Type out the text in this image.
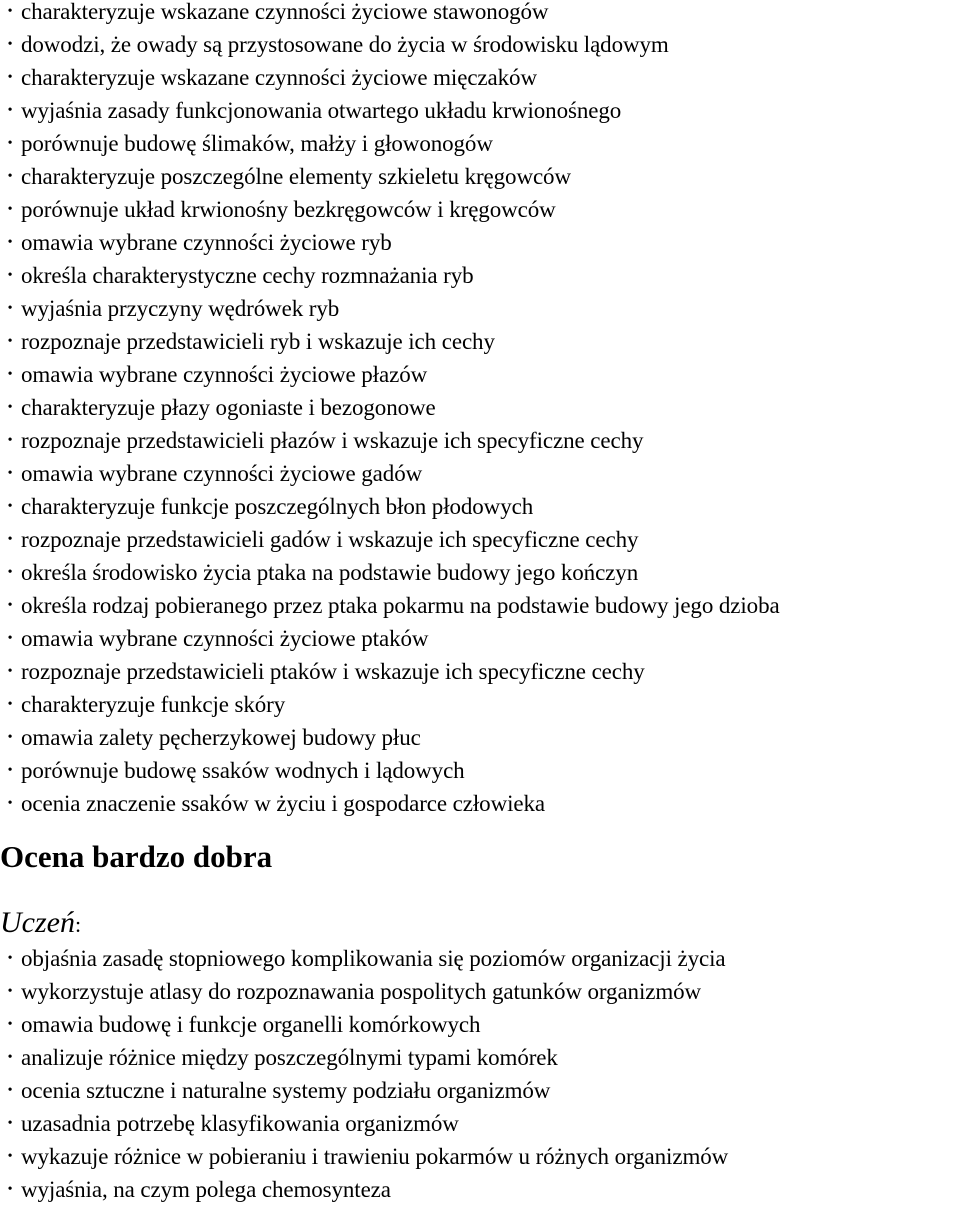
• charakteryzuje wskazane czynności życiowe stawonogów
• dowodzi, że owady są przystosowane do życia w środowisku lądowym
• charakteryzuje wskazane czynności życiowe mięczaków
• wyjaśnia zasady funkcjonowania otwartego układu krwionośnego
• porównuje budowę ślimaków, małży i głowonogów
• charakteryzuje poszczególne elementy szkieletu kręgowców
• porównuje układ krwionośny bezkręgowców i kręgowców
• omawia wybrane czynności życiowe ryb
• określa charakterystyczne cechy rozmnażania ryb
• wyjaśnia przyczyny wędrówek ryb
• rozpoznaje przedstawicieli ryb i wskazuje ich cechy
• omawia wybrane czynności życiowe płazów
• charakteryzuje płazy ogoniaste i bezogonowe
• rozpoznaje przedstawicieli płazów i wskazuje ich specyficzne cechy
• omawia wybrane czynności życiowe gadów
• charakteryzuje funkcje poszczególnych błon płodowych
• rozpoznaje przedstawicieli gadów i wskazuje ich specyficzne cechy
• określa środowisko życia ptaka na podstawie budowy jego kończyn
• określa rodzaj pobieranego przez ptaka pokarmu na podstawie budowy jego dzioba
• omawia wybrane czynności życiowe ptaków
• rozpoznaje przedstawicieli ptaków i wskazuje ich specyficzne cechy
• charakteryzuje funkcje skóry
• omawia zalety pęcherzykowej budowy płuc
• porównuje budowę ssaków wodnych i lądowych
• ocenia znaczenie ssaków w życiu i gospodarce człowieka
Ocena bardzo dobra

Uczeń:

• objaśnia zasadę stopniowego komplikowania się poziomów organizacji życia
• wykorzystuje atlasy do rozpoznawania pospolitych gatunków organizmów
• omawia budowę i funkcje organelli komórkowych
• analizuje różnice między poszczególnymi typami komórek
• ocenia sztuczne i naturalne systemy podziału organizmów
• uzasadnia potrzebę klasyfikowania organizmów
• wykazuje różnice w pobieraniu i trawieniu pokarmów u różnych organizmów
• wyjaśnia, na czym polega chemosynteza
